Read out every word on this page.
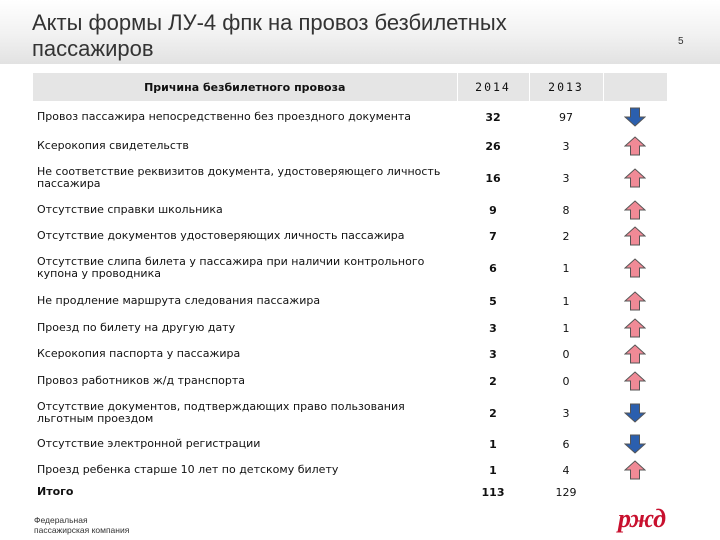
Акты формы ЛУ-4 фпк на провоз безбилетных пассажиров	5
Причина безбилетного провоза	2014	2013	
Провоз пассажира непосредственно без проездного документа	32	97	
Ксерокопия свидетельств	26	3	
Не соответствие реквизитов документа, удостоверяющего личность пассажира	16	3	
Отсутствие справки школьника	9	8	
Отсутствие документов удостоверяющих личность пассажира	7	2	
Отсутствие слипа билета у пассажира при наличии контрольного купона у проводника	6	1	
Не продление маршрута следования пассажира	5	1	
Проезд по билету на другую дату	3	1	
Ксерокопия паспорта у пассажира	3	0	
Провоз работников ж/д транспорта	2	0	
Отсутствие документов, подтверждающих право пользования льготным проездом	2	3	
Отсутствие электронной регистрации	1	6	
Проезд ребенка старше 10 лет по детскому билету	1	4	
Итого	113	129	
Федеральная
пассажирская компания	ржд
